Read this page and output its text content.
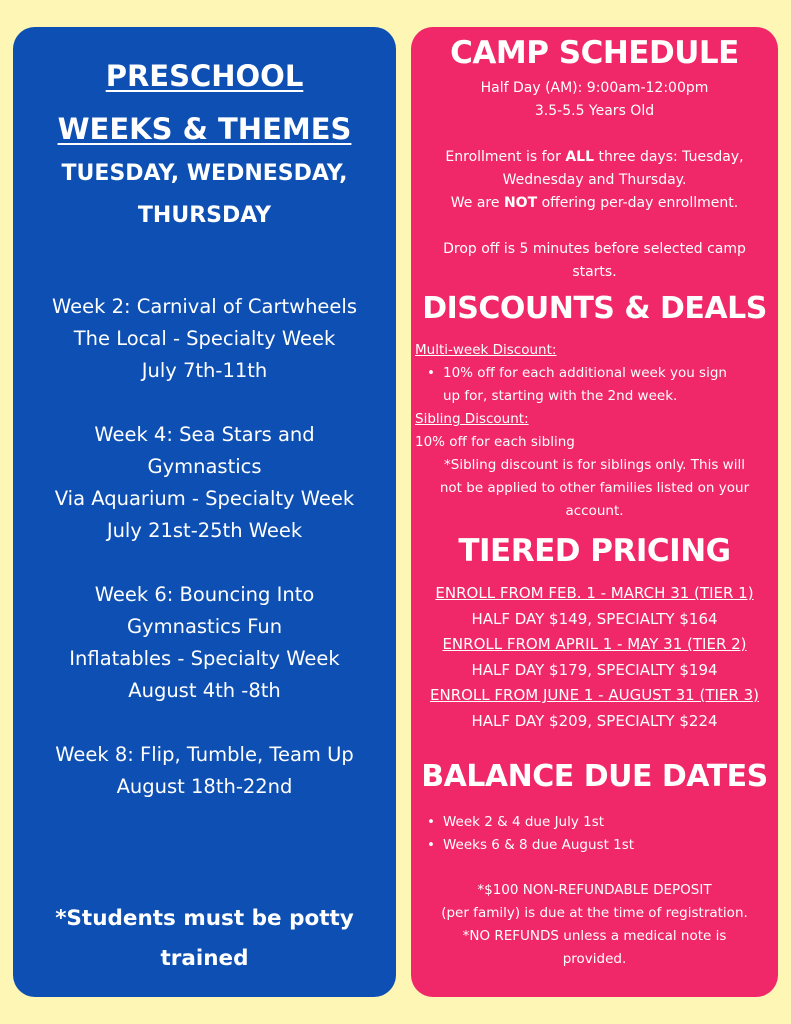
PRESCHOOL
WEEKS & THEMES
TUESDAY, WEDNESDAY,
THURSDAY
Week 2: Carnival of Cartwheels
The Local - Specialty Week
July 7th-11th
Week 4: Sea Stars and
Gymnastics
Via Aquarium - Specialty Week
July 21st-25th Week
Week 6: Bouncing Into
Gymnastics Fun
Inflatables - Specialty Week
August 4th -8th
Week 8: Flip, Tumble, Team Up
August 18th-22nd
*Students must be potty
trained
CAMP SCHEDULE
Half Day (AM): 9:00am-12:00pm
3.5-5.5 Years Old
Enrollment is for ALL three days: Tuesday,
Wednesday and Thursday.
We are NOT offering per-day enrollment.
Drop off is 5 minutes before selected camp
starts.
DISCOUNTS & DEALS
Multi-week Discount:
• 10% off for each additional week you sign
up for, starting with the 2nd week.
Sibling Discount:
10% off for each sibling
*Sibling discount is for siblings only. This will
not be applied to other families listed on your
account.
TIERED PRICING
ENROLL FROM FEB. 1 - MARCH 31 (TIER 1)
HALF DAY $149, SPECIALTY $164
ENROLL FROM APRIL 1 - MAY 31 (TIER 2)
HALF DAY $179, SPECIALTY $194
ENROLL FROM JUNE 1 - AUGUST 31 (TIER 3)
HALF DAY $209, SPECIALTY $224
BALANCE DUE DATES
• Week 2 & 4 due July 1st
• Weeks 6 & 8 due August 1st
*$100 NON-REFUNDABLE DEPOSIT
(per family) is due at the time of registration.
*NO REFUNDS unless a medical note is
provided.
